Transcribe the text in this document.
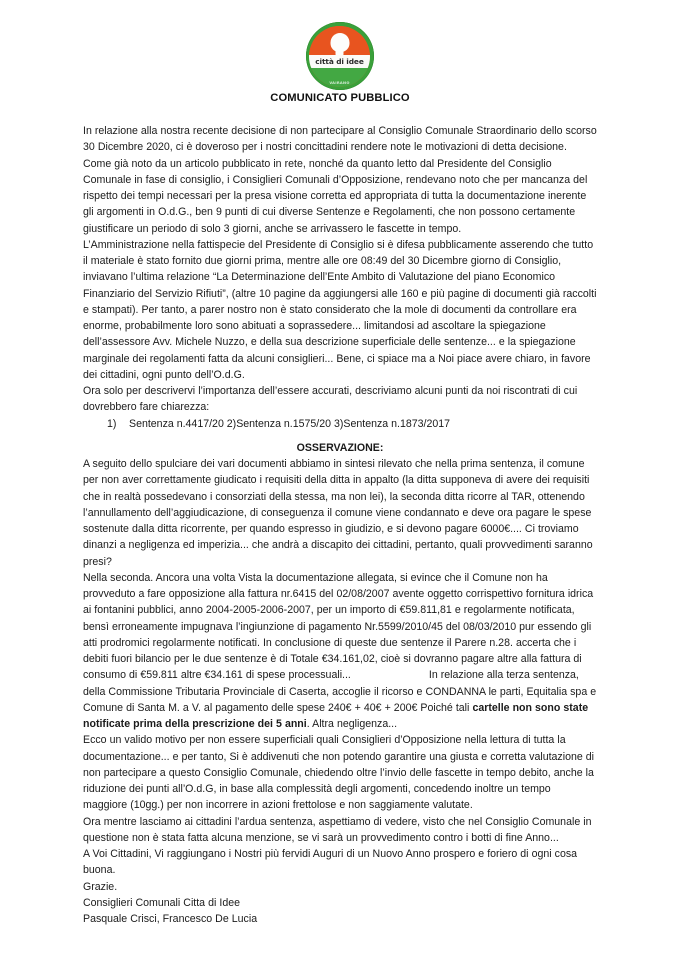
città di idee
VAIRANO
COMUNICATO PUBBLICO

In relazione alla nostra recente decisione di non partecipare al Consiglio Comunale Straordinario dello scorso 30 Dicembre 2020, ci è doveroso per i nostri concittadini rendere note le motivazioni di detta decisione.

Come già noto da un articolo pubblicato in rete, nonché da quanto letto dal Presidente del Consiglio Comunale in fase di consiglio, i Consiglieri Comunali d’Opposizione, rendevano noto che per mancanza del rispetto dei tempi necessari per la presa visione corretta ed appropriata di tutta la documentazione inerente gli argomenti in O.d.G., ben 9 punti di cui diverse Sentenze e Regolamenti, che non possono certamente giustificare un periodo di solo 3 giorni, anche se arrivassero le fascette in tempo.

L’Amministrazione nella fattispecie del Presidente di Consiglio si è difesa pubblicamente asserendo che tutto il materiale è stato fornito due giorni prima, mentre alle ore 08:49 del 30 Dicembre giorno di Consiglio, inviavano l’ultima relazione “La Determinazione dell’Ente Ambito di Valutazione del piano Economico Finanziario del Servizio Rifiuti”, (altre 10 pagine da aggiungersi alle 160 e più pagine di documenti già raccolti e stampati). Per tanto, a parer nostro non è stato considerato che la mole di documenti da controllare era enorme, probabilmente loro sono abituati a soprassedere... limitandosi ad ascoltare la spiegazione dell’assessore Avv. Michele Nuzzo, e della sua descrizione superficiale delle sentenze... e la spiegazione marginale dei regolamenti fatta da alcuni consiglieri... Bene, ci spiace ma a Noi piace avere chiaro, in favore dei cittadini, ogni punto dell’O.d.G.

Ora solo per descrivervi l’importanza dell’essere accurati, descriviamo alcuni punti da noi riscontrati di cui dovrebbero fare chiarezza:

1) Sentenza n.4417/20 2)Sentenza n.1575/20 3)Sentenza n.1873/2017

OSSERVAZIONE:

A seguito dello spulciare dei vari documenti abbiamo in sintesi rilevato che nella prima sentenza, il comune per non aver correttamente giudicato i requisiti della ditta in appalto (la ditta supponeva di avere dei requisiti che in realtà possedevano i consorziati della stessa, ma non lei), la seconda ditta ricorre al TAR, ottenendo l’annullamento dell’aggiudicazione, di conseguenza il comune viene condannato e deve ora pagare le spese sostenute dalla ditta ricorrente, per quando espresso in giudizio, e si devono pagare 6000€.... Ci troviamo dinanzi a negligenza ed imperizia... che andrà a discapito dei cittadini, pertanto, quali provvedimenti saranno presi?

Nella seconda. Ancora una volta Vista la documentazione allegata, si evince che il Comune non ha provveduto a fare opposizione alla fattura nr.6415 del 02/08/2007 avente oggetto corrispettivo fornitura idrica ai fontanini pubblici, anno 2004-2005-2006-2007, per un importo di €59.811,81 e regolarmente notificata, bensì erroneamente impugnava l’ingiunzione di pagamento Nr.5599/2010/45 del 08/03/2010 pur essendo gli atti prodromici regolarmente notificati. In conclusione di queste due sentenze il Parere n.28. accerta che i debiti fuori bilancio per le due sentenze è di Totale €34.161,02, cioè si dovranno pagare altre alla fattura di consumo di €59.811 altre €34.161 di spese processuali...	In relazione alla terza sentenza, della Commissione Tributaria Provinciale di Caserta, accoglie il ricorso e CONDANNA le parti, Equitalia spa e Comune di Santa M. a V. al pagamento delle spese 240€ + 40€ + 200€ Poiché tali cartelle non sono state notificate prima della prescrizione dei 5 anni. Altra negligenza...

Ecco un valido motivo per non essere superficiali quali Consiglieri d’Opposizione nella lettura di tutta la documentazione... e per tanto, Si è addivenuti che non potendo garantire una giusta e corretta valutazione di non partecipare a questo Consiglio Comunale, chiedendo oltre l’invio delle fascette in tempo debito, anche la riduzione dei punti all’O.d.G, in base alla complessità degli argomenti, concedendo inoltre un tempo maggiore (10gg.) per non incorrere in azioni frettolose e non saggiamente valutate.

Ora mentre lasciamo ai cittadini l’ardua sentenza, aspettiamo di vedere, visto che nel Consiglio Comunale in questione non è stata fatta alcuna menzione, se vi sarà un provvedimento contro i botti di fine Anno...

A Voi Cittadini, Vi raggiungano i Nostri più fervidi Auguri di un Nuovo Anno prospero e foriero di ogni cosa buona.

Grazie.

Consiglieri Comunali Citta di Idee

Pasquale Crisci, Francesco De Lucia
